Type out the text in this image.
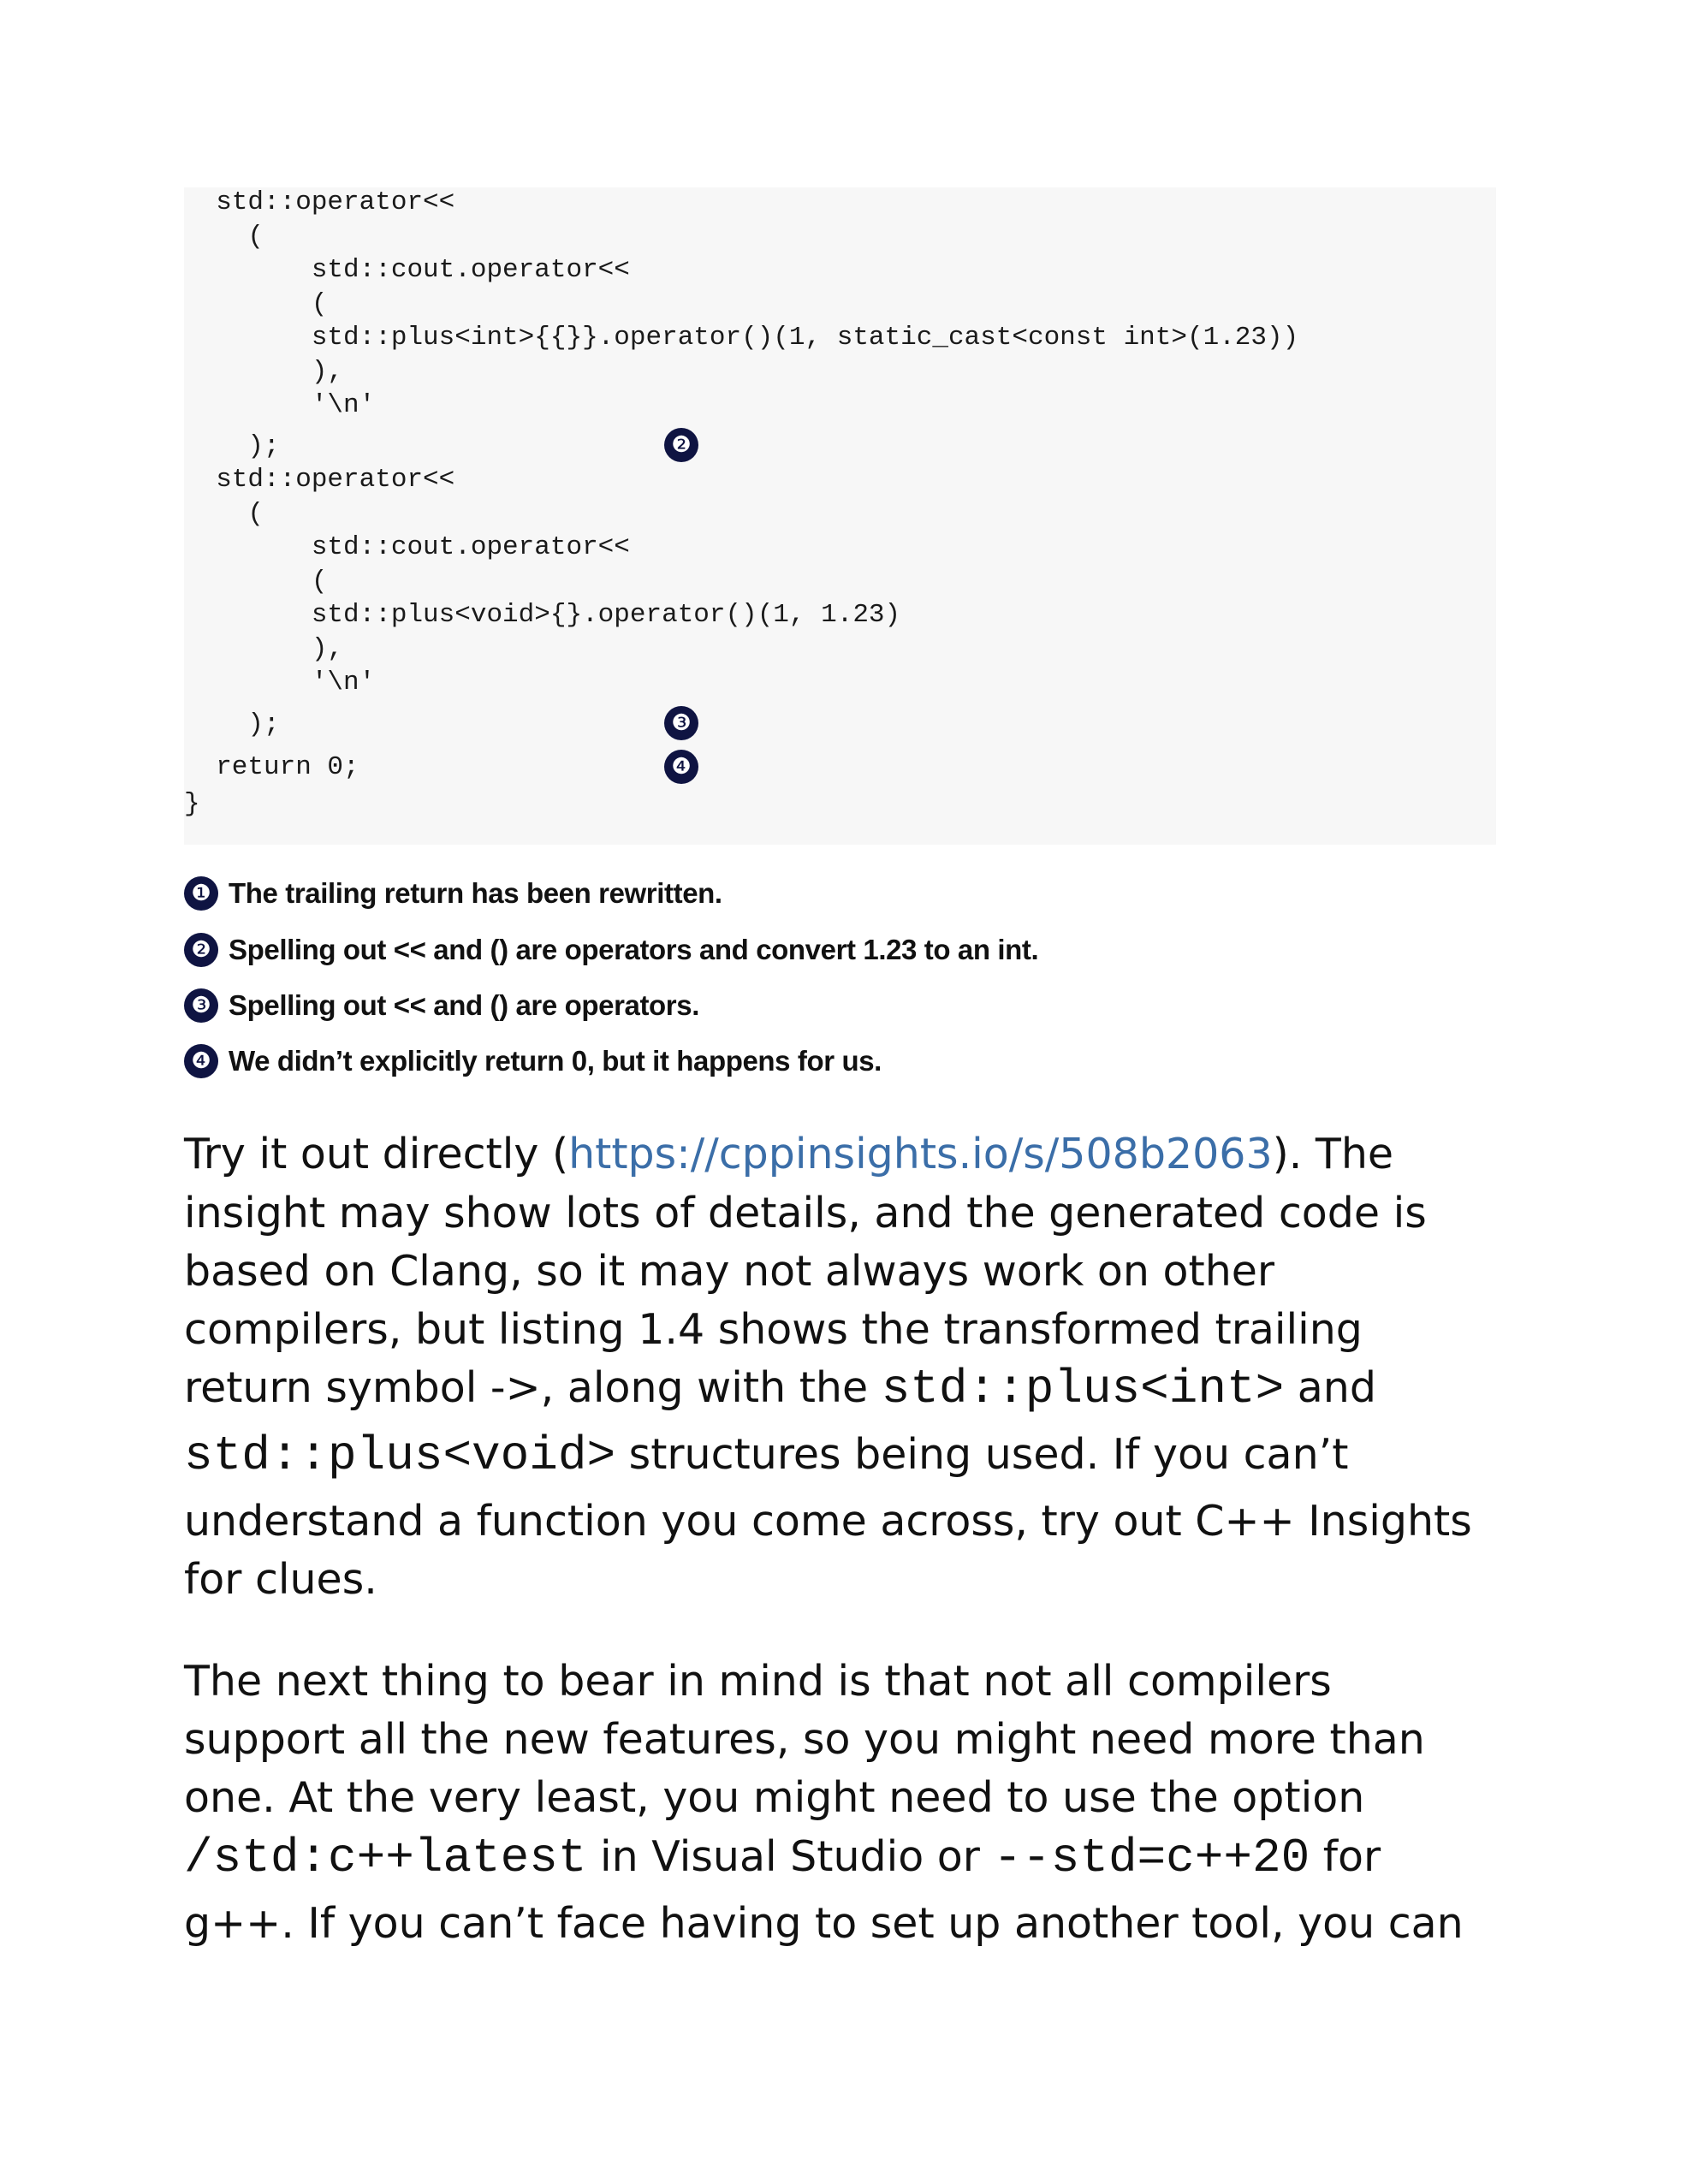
std::operator<<
(
std::cout.operator<<
(
std::plus<int>{{}}.operator()(1, static_cast<const int>(1.23))
),
'\n'
);
std::operator<<
(
std::cout.operator<<
(
std::plus<void>{}.operator()(1, 1.23)
),
'\n'
);
return 0;
}
❷
❸
❹
❶ The trailing return has been rewritten.
❷ Spelling out << and () are operators and convert 1.23 to an int.
❸ Spelling out << and () are operators.
❹ We didn’t explicitly return 0, but it happens for us.
Try it out directly (https://cppinsights.io/s/508b2063). The
insight may show lots of details, and the generated code is
based on Clang, so it may not always work on other
compilers, but listing 1.4 shows the transformed trailing
return symbol ->, along with the std::plus<int> and
std::plus<void> structures being used. If you can’t
understand a function you come across, try out C++ Insights
for clues.
The next thing to bear in mind is that not all compilers
support all the new features, so you might need more than
one. At the very least, you might need to use the option
/std:c++latest in Visual Studio or --std=c++20 for
g++. If you can’t face having to set up another tool, you can
